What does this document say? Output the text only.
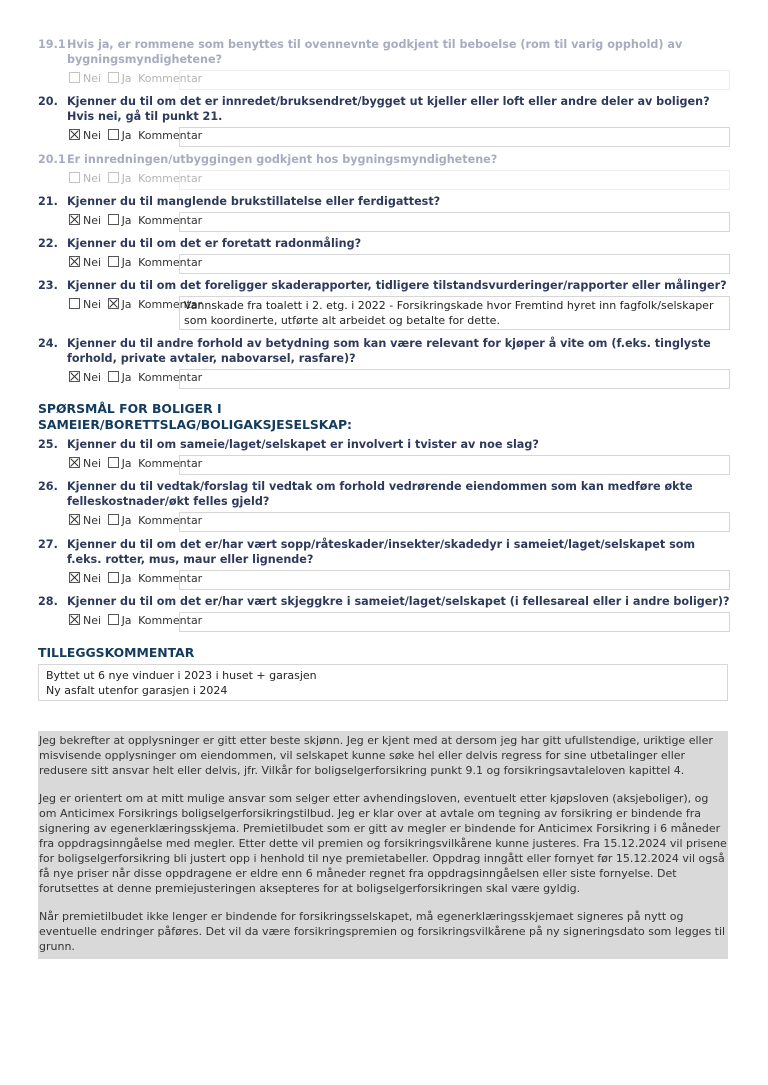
19.1 Hvis ja, er rommene som benyttes til ovennevnte godkjent til beboelse (rom til varig opphold) av bygningsmyndighetene?
Nei Ja Kommentar
20. Kjenner du til om det er innredet/bruksendret/bygget ut kjeller eller loft eller andre deler av boligen? Hvis nei, gå til punkt 21.
Nei Ja Kommentar
20.1 Er innredningen/utbyggingen godkjent hos bygningsmyndighetene?
Nei Ja Kommentar
21. Kjenner du til manglende brukstillatelse eller ferdigattest?
Nei Ja Kommentar
22. Kjenner du til om det er foretatt radonmåling?
Nei Ja Kommentar
23. Kjenner du til om det foreligger skaderapporter, tidligere tilstandsvurderinger/rapporter eller målinger?
Nei Ja Kommentar
Vannskade fra toalett i 2. etg. i 2022 - Forsikringskade hvor Fremtind hyret inn fagfolk/selskaper som koordinerte, utførte alt arbeidet og betalte for dette.
24. Kjenner du til andre forhold av betydning som kan være relevant for kjøper å vite om (f.eks. tinglyste forhold, private avtaler, nabovarsel, rasfare)?
Nei Ja Kommentar
25. Kjenner du til om sameie/laget/selskapet er involvert i tvister av noe slag?
Nei Ja Kommentar
26. Kjenner du til vedtak/forslag til vedtak om forhold vedrørende eiendommen som kan medføre økte felleskostnader/økt felles gjeld?
Nei Ja Kommentar
27. Kjenner du til om det er/har vært sopp/råteskader/insekter/skadedyr i sameiet/laget/selskapet som f.eks. rotter, mus, maur eller lignende?
Nei Ja Kommentar
28. Kjenner du til om det er/har vært skjeggkre i sameiet/laget/selskapet (i fellesareal eller i andre boliger)?
Nei Ja Kommentar
SPØRSMÅL FOR BOLIGER I
SAMEIER/BORETTSLAG/BOLIGAKSJESELSKAP:
TILLEGGSKOMMENTAR
Byttet ut 6 nye vinduer i 2023 i huset + garasjen
Ny asfalt utenfor garasjen i 2024

Jeg bekrefter at opplysninger er gitt etter beste skjønn. Jeg er kjent med at dersom jeg har gitt ufullstendige, uriktige eller misvisende opplysninger om eiendommen, vil selskapet kunne søke hel eller delvis regress for sine utbetalinger eller redusere sitt ansvar helt eller delvis, jfr. Vilkår for boligselgerforsikring punkt 9.1 og forsikringsavtaleloven kapittel 4.

Jeg er orientert om at mitt mulige ansvar som selger etter avhendingsloven, eventuelt etter kjøpsloven (aksjeboliger), og om Anticimex Forsikrings boligselgerforsikringstilbud. Jeg er klar over at avtale om tegning av forsikring er bindende fra signering av egenerklæringsskjema. Premietilbudet som er gitt av megler er bindende for Anticimex Forsikring i 6 måneder fra oppdragsinngåelse med megler. Etter dette vil premien og forsikringsvilkårene kunne justeres. Fra 15.12.2024 vil prisene for boligselgerforsikring bli justert opp i henhold til nye premietabeller. Oppdrag inngått eller fornyet før 15.12.2024 vil også få nye priser når disse oppdragene er eldre enn 6 måneder regnet fra oppdragsinngåelsen eller siste fornyelse. Det forutsettes at denne premiejusteringen aksepteres for at boligselgerforsikringen skal være gyldig.

Når premietilbudet ikke lenger er bindende for forsikringsselskapet, må egenerklæringsskjemaet signeres på nytt og eventuelle endringer påføres. Det vil da være forsikringspremien og forsikringsvilkårene på ny signeringsdato som legges til grunn.
